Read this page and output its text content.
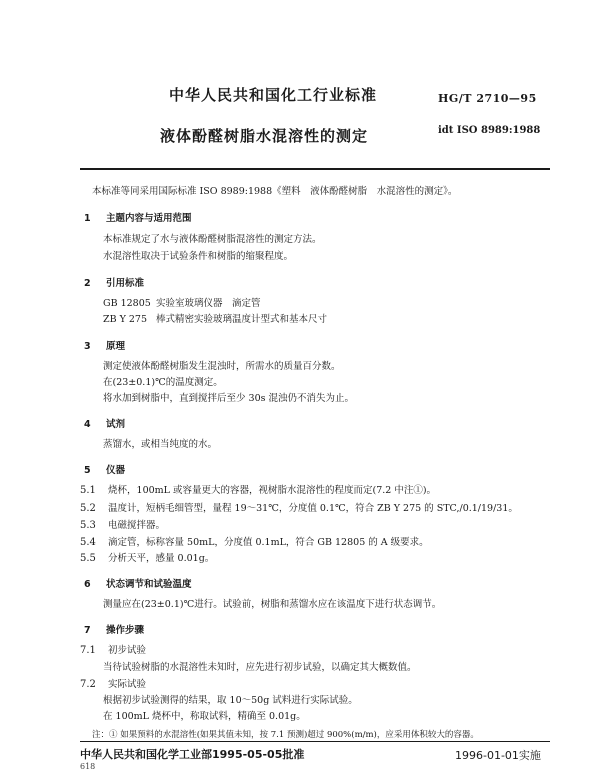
中华人民共和国化工行业标准	HG/T 2710—95
液体酚醛树脂水混溶性的测定	idt ISO 8989:1988
本标准等同采用国际标准 ISO 8989:1988《塑料　液体酚醛树脂　水混溶性的测定》。
1 主题内容与适用范围
本标准规定了水与液体酚醛树脂混溶性的测定方法。
水混溶性取决于试验条件和树脂的缩聚程度。
2 引用标准
GB 12805 实验室玻璃仪器　滴定管
ZB Y 275 棒式精密实验玻璃温度计型式和基本尺寸
3 原理
测定使液体酚醛树脂发生混浊时，所需水的质量百分数。
在(23±0.1)℃的温度测定。
将水加到树脂中，直到搅拌后至少 30s 混浊仍不消失为止。
4 试剂
蒸馏水，或相当纯度的水。
5 仪器
5.1 烧杯，100mL 或容量更大的容器，视树脂水混溶性的程度而定(7.2 中注①)。
5.2 温度计，短柄毛细管型，量程 19～31℃，分度值 0.1℃，符合 ZB Y 275 的 STC,/0.1/19/31。
5.3 电磁搅拌器。
5.4 滴定管，标称容量 50mL，分度值 0.1mL，符合 GB 12805 的 A 级要求。
5.5 分析天平，感量 0.01g。
6 状态调节和试验温度
测量应在(23±0.1)℃进行。试验前，树脂和蒸馏水应在该温度下进行状态调节。
7 操作步骤
7.1 初步试验
当待试验树脂的水混溶性未知时，应先进行初步试验，以确定其大概数值。
7.2 实际试验
根据初步试验测得的结果，取 10～50g 试料进行实际试验。
在 100mL 烧杯中，称取试料，精确至 0.01g。
注：① 如果预料的水混溶性(如果其值未知，按 7.1 预测)超过 900%(m/m)，应采用体积较大的容器。
中华人民共和国化学工业部1995-05-05批准	1996-01-01实施
618
